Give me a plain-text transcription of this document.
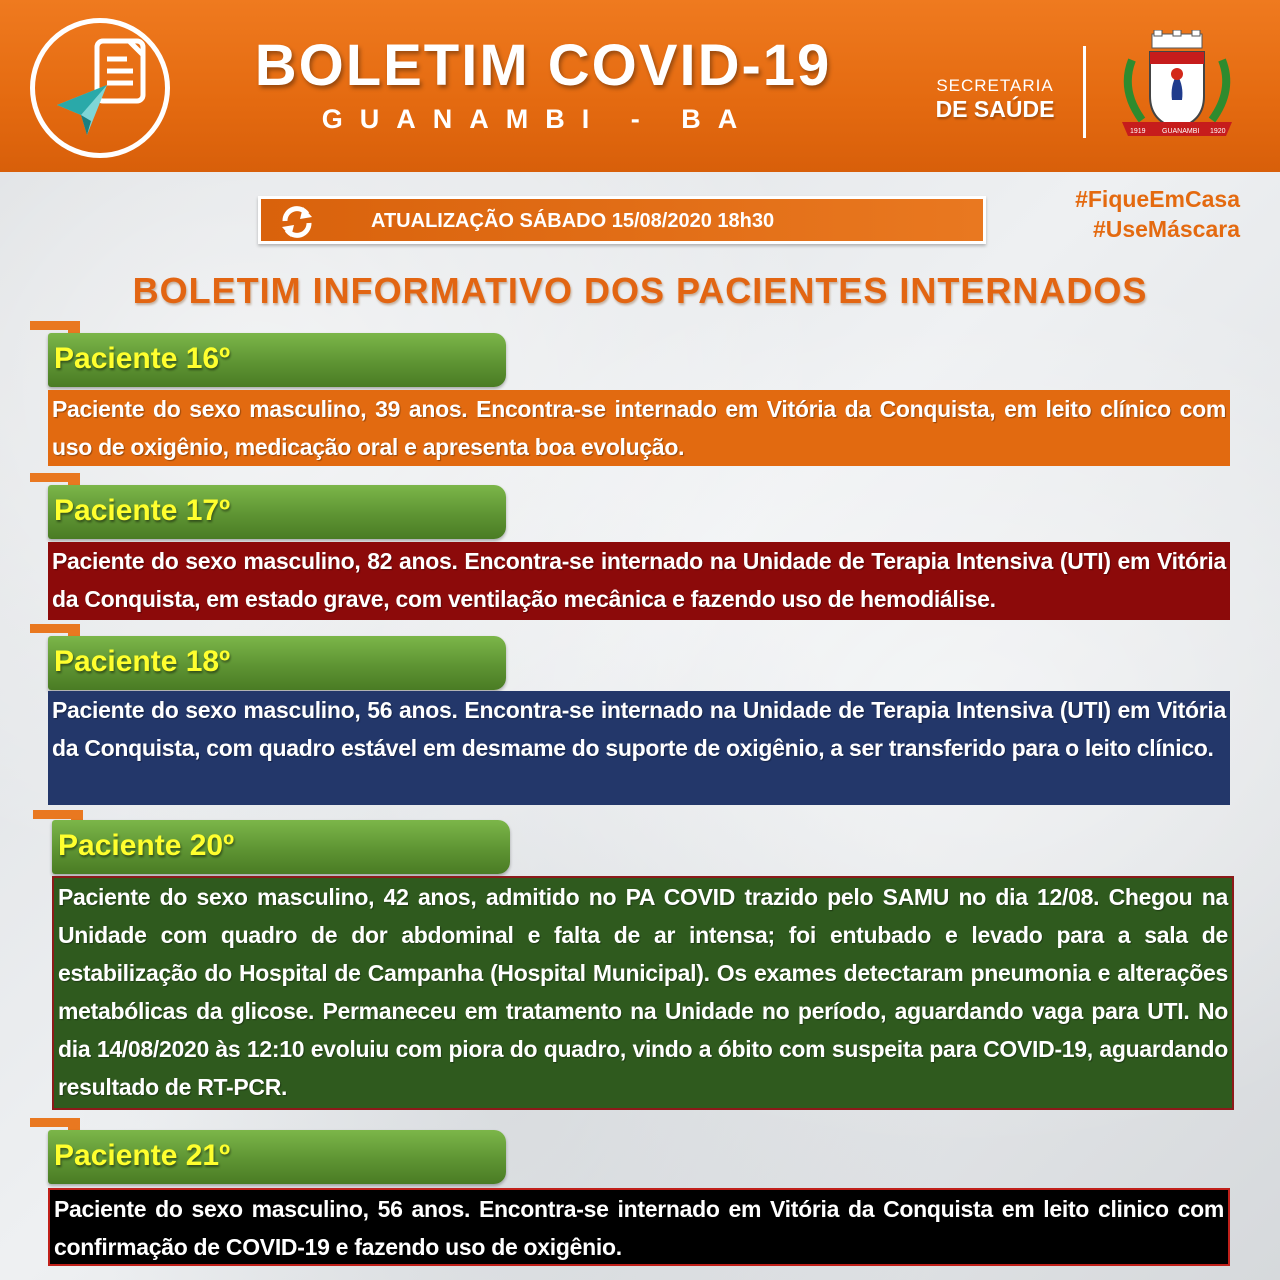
BOLETIM COVID-19
GUANAMBI - BA
SECRETARIA
DE SAÚDE
1919 GUANAMBI 1920
ATUALIZAÇÃO SÁBADO 15/08/2020 18h30
#FiqueEmCasa
#UseMáscara
BOLETIM INFORMATIVO DOS PACIENTES INTERNADOS
Paciente 16º
Paciente do sexo masculino, 39 anos. Encontra-se internado em Vitória da Conquista, em leito clínico com uso de oxigênio, medicação oral e apresenta boa evolução.
Paciente 17º
Paciente do sexo masculino, 82 anos. Encontra-se internado na Unidade de Terapia Intensiva (UTI) em Vitória da Conquista, em estado grave, com ventilação mecânica e fazendo uso de hemodiálise.
Paciente 18º
Paciente do sexo masculino, 56 anos. Encontra-se internado na Unidade de Terapia Intensiva (UTI) em Vitória da Conquista, com quadro estável em desmame do suporte de oxigênio, a ser transferido para o leito clínico.
Paciente 20º
Paciente do sexo masculino, 42 anos, admitido no PA COVID trazido pelo SAMU no dia 12/08. Chegou na Unidade com quadro de dor abdominal e falta de ar intensa; foi entubado e levado para a sala de estabilização do Hospital de Campanha (Hospital Municipal). Os exames detectaram pneumonia e alterações metabólicas da glicose. Permaneceu em tratamento na Unidade no período, aguardando vaga para UTI. No dia 14/08/2020 às 12:10 evoluiu com piora do quadro, vindo a óbito com suspeita para COVID-19, aguardando resultado de RT-PCR.
Paciente 21º
Paciente do sexo masculino, 56 anos. Encontra-se internado em Vitória da Conquista em leito clinico com confirmação de COVID-19 e fazendo uso de oxigênio.
